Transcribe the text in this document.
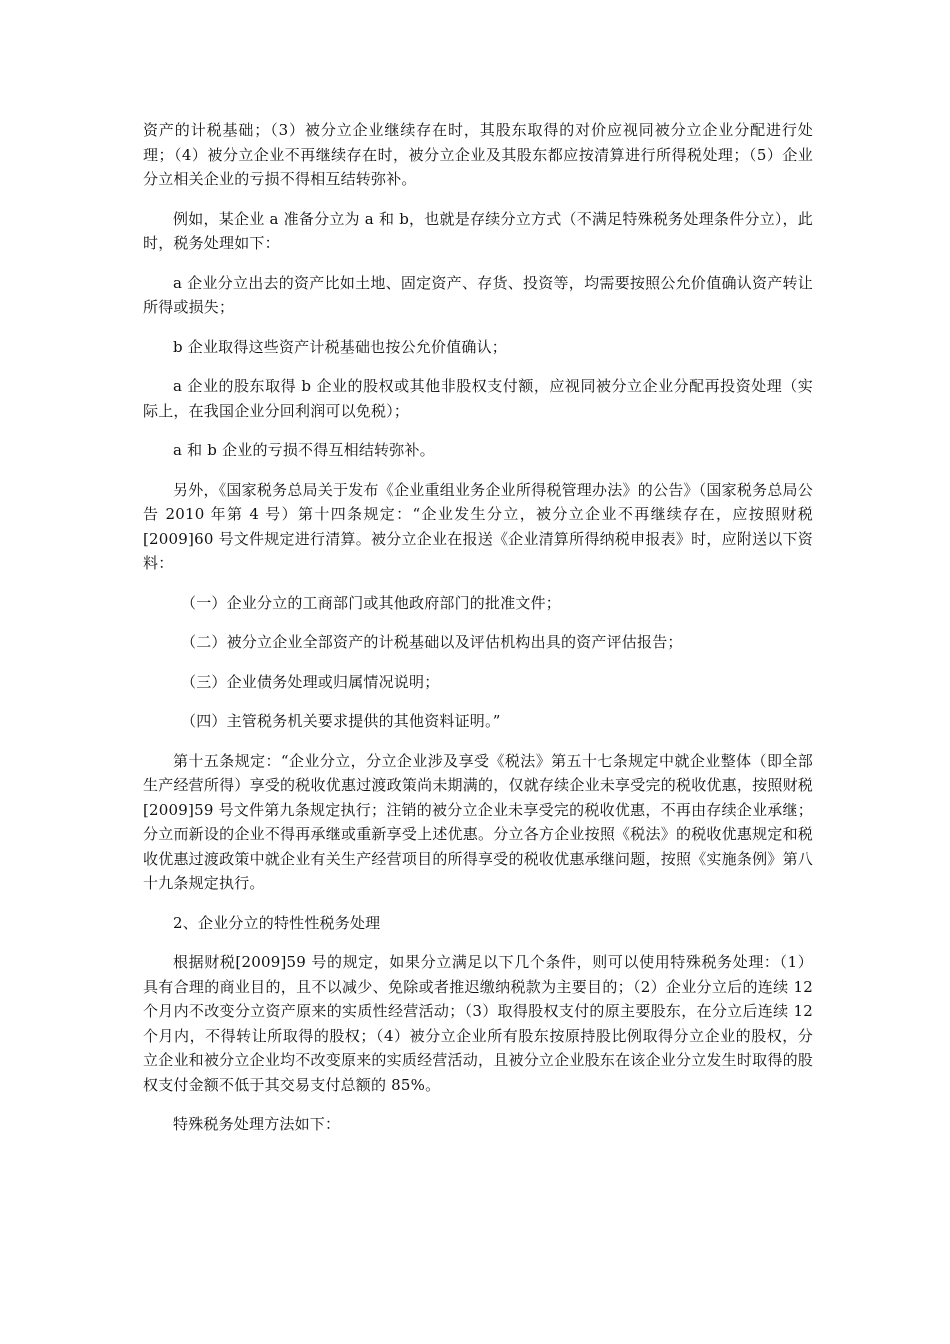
资产的计税基础；（3）被分立企业继续存在时，其股东取得的对价应视同被分立企业分配进行处理；（4）被分立企业不再继续存在时，被分立企业及其股东都应按清算进行所得税处理；（5）企业分立相关企业的亏损不得相互结转弥补。

例如，某企业 a 准备分立为 a 和 b，也就是存续分立方式（不满足特殊税务处理条件分立），此时，税务处理如下：

a 企业分立出去的资产比如土地、固定资产、存货、投资等，均需要按照公允价值确认资产转让所得或损失；

b 企业取得这些资产计税基础也按公允价值确认；

a 企业的股东取得 b 企业的股权或其他非股权支付额，应视同被分立企业分配再投资处理（实际上，在我国企业分回利润可以免税）；

a 和 b 企业的亏损不得互相结转弥补。

另外，《国家税务总局关于发布《企业重组业务企业所得税管理办法》的公告》（国家税务总局公告 2010 年第 4 号）第十四条规定：“企业发生分立，被分立企业不再继续存在，应按照财税[2009]60 号文件规定进行清算。被分立企业在报送《企业清算所得纳税申报表》时，应附送以下资料：

（一）企业分立的工商部门或其他政府部门的批准文件；

（二）被分立企业全部资产的计税基础以及评估机构出具的资产评估报告；

（三）企业债务处理或归属情况说明；

（四）主管税务机关要求提供的其他资料证明。”

第十五条规定：“企业分立，分立企业涉及享受《税法》第五十七条规定中就企业整体（即全部生产经营所得）享受的税收优惠过渡政策尚未期满的，仅就存续企业未享受完的税收优惠，按照财税[2009]59 号文件第九条规定执行；注销的被分立企业未享受完的税收优惠，不再由存续企业承继；分立而新设的企业不得再承继或重新享受上述优惠。分立各方企业按照《税法》的税收优惠规定和税收优惠过渡政策中就企业有关生产经营项目的所得享受的税收优惠承继问题，按照《实施条例》第八十九条规定执行。

2、企业分立的特性性税务处理

根据财税[2009]59 号的规定，如果分立满足以下几个条件，则可以使用特殊税务处理：（1）具有合理的商业目的，且不以减少、免除或者推迟缴纳税款为主要目的；（2）企业分立后的连续 12 个月内不改变分立资产原来的实质性经营活动；（3）取得股权支付的原主要股东，在分立后连续 12 个月内，不得转让所取得的股权；（4）被分立企业所有股东按原持股比例取得分立企业的股权，分立企业和被分立企业均不改变原来的实质经营活动，且被分立企业股东在该企业分立发生时取得的股权支付金额不低于其交易支付总额的 85%。

特殊税务处理方法如下：
